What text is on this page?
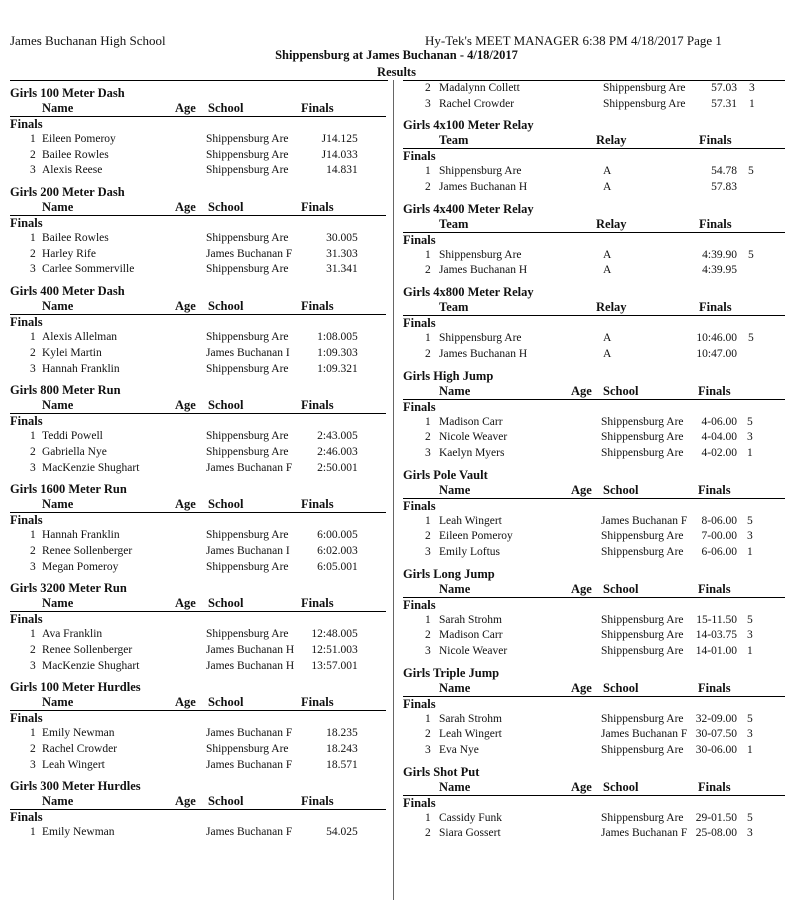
James Buchanan High School	Hy-Tek's MEET MANAGER 6:38 PM 4/18/2017 Page 1
Shippensburg at James Buchanan - 4/18/2017
Results
Girls 100 Meter Dash
Name	Age School	Finals
Finals
1 Eileen Pomeroy	Shippensburg Are	J14.12 5
2 Bailee Rowles	Shippensburg Are	J14.03 3
3 Alexis Reese	Shippensburg Are	14.83 1
Girls 200 Meter Dash
Name	Age School	Finals
Finals
1 Bailee Rowles	Shippensburg Are	30.00 5
2 Harley Rife	James Buchanan F	31.30 3
3 Carlee Sommerville	Shippensburg Are	31.34 1
Girls 400 Meter Dash
Name	Age School	Finals
Finals
1 Alexis Allelman	Shippensburg Are 1:08.00 5
2 Kylei Martin	James Buchanan I 1:09.30 3
3 Hannah Franklin	Shippensburg Are 1:09.32 1
Girls 800 Meter Run
Name	Age School	Finals
Finals
1 Teddi Powell	Shippensburg Are 2:43.00 5
2 Gabriella Nye	Shippensburg Are 2:46.00 3
3 MacKenzie Shughart	James Buchanan F 2:50.00 1
Girls 1600 Meter Run
Name	Age School	Finals
Finals
1 Hannah Franklin	Shippensburg Are 6:00.00 5
2 Renee Sollenberger	James Buchanan I 6:02.00 3
3 Megan Pomeroy	Shippensburg Are 6:05.00 1
Girls 3200 Meter Run
Name	Age School	Finals
Finals
1 Ava Franklin	Shippensburg Are 12:48.00 5
2 Renee Sollenberger	James Buchanan H 12:51.00 3
3 MacKenzie Shughart	James Buchanan H 13:57.00 1
Girls 100 Meter Hurdles
Name	Age School	Finals
Finals
1 Emily Newman	James Buchanan F	18.23 5
2 Rachel Crowder	Shippensburg Are	18.24 3
3 Leah Wingert	James Buchanan F	18.57 1
Girls 300 Meter Hurdles
Name	Age School	Finals
Finals
1 Emily Newman	James Buchanan F	54.02 5
2 Madalynn Collett	Shippensburg Are 57.03 3
3 Rachel Crowder	Shippensburg Are 57.31 1
Girls 4x100 Meter Relay
Team	Relay	Finals
Finals
1 Shippensburg Are	A	54.78 5
2 James Buchanan H	A	57.83
Girls 4x400 Meter Relay
Team	Relay	Finals
Finals
1 Shippensburg Are	A	4:39.90 5
2 James Buchanan H	A	4:39.95
Girls 4x800 Meter Relay
Team	Relay	Finals
Finals
1 Shippensburg Are	A	10:46.00 5
2 James Buchanan H	A	10:47.00
Girls High Jump
Name	Age School	Finals
Finals
1 Madison Carr	Shippensburg Are 4-06.00 5
2 Nicole Weaver	Shippensburg Are 4-04.00 3
3 Kaelyn Myers	Shippensburg Are 4-02.00 1
Girls Pole Vault
Name	Age School	Finals
Finals
1 Leah Wingert	James Buchanan F 8-06.00 5
2 Eileen Pomeroy	Shippensburg Are 7-00.00 3
3 Emily Loftus	Shippensburg Are 6-06.00 1
Girls Long Jump
Name	Age School	Finals
Finals
1 Sarah Strohm	Shippensburg Are 15-11.50 5
2 Madison Carr	Shippensburg Are 14-03.75 3
3 Nicole Weaver	Shippensburg Are 14-01.00 1
Girls Triple Jump
Name	Age School	Finals
Finals
1 Sarah Strohm	Shippensburg Are 32-09.00 5
2 Leah Wingert	James Buchanan F 30-07.50 3
3 Eva Nye	Shippensburg Are 30-06.00 1
Girls Shot Put
Name	Age School	Finals
Finals
1 Cassidy Funk	Shippensburg Are 29-01.50 5
2 Siara Gossert	James Buchanan F 25-08.00 3
